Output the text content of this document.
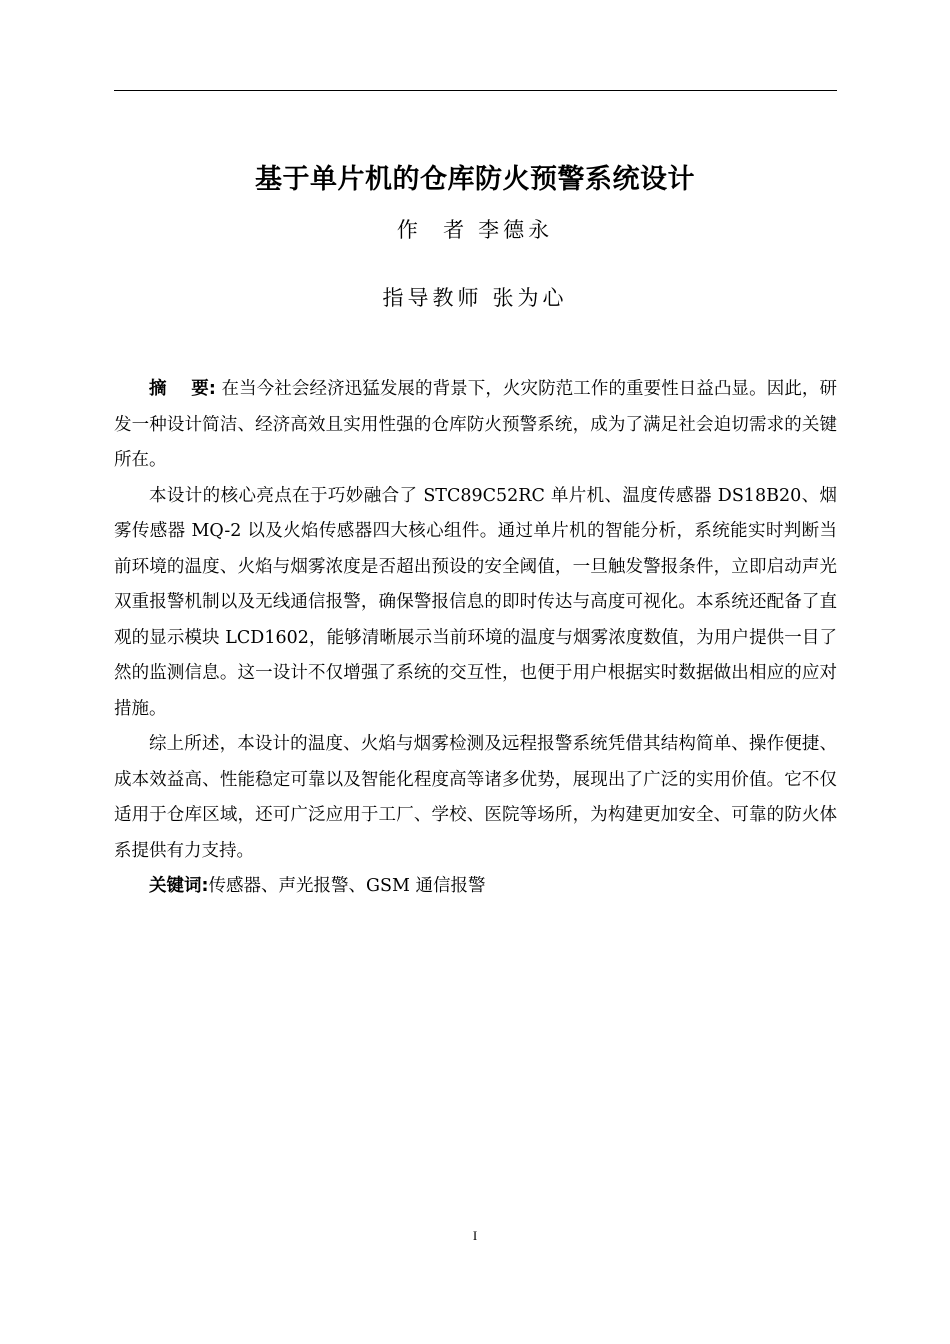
基于单片机的仓库防火预警系统设计
作  者 李德永
指导教师 张为心

摘    要: 在当今社会经济迅猛发展的背景下，火灾防范工作的重要性日益凸显。因此，研发一种设计简洁、经济高效且实用性强的仓库防火预警系统，成为了满足社会迫切需求的关键所在。

本设计的核心亮点在于巧妙融合了 STC89C52RC 单片机、温度传感器 DS18B20、烟雾传感器 MQ-2 以及火焰传感器四大核心组件。通过单片机的智能分析，系统能实时判断当前环境的温度、火焰与烟雾浓度是否超出预设的安全阈值，一旦触发警报条件，立即启动声光双重报警机制以及无线通信报警，确保警报信息的即时传达与高度可视化。本系统还配备了直观的显示模块 LCD1602，能够清晰展示当前环境的温度与烟雾浓度数值，为用户提供一目了然的监测信息。这一设计不仅增强了系统的交互性，也便于用户根据实时数据做出相应的应对措施。

综上所述，本设计的温度、火焰与烟雾检测及远程报警系统凭借其结构简单、操作便捷、成本效益高、性能稳定可靠以及智能化程度高等诸多优势，展现出了广泛的实用价值。它不仅适用于仓库区域，还可广泛应用于工厂、学校、医院等场所，为构建更加安全、可靠的防火体系提供有力支持。

关键词:传感器、声光报警、GSM 通信报警

I
